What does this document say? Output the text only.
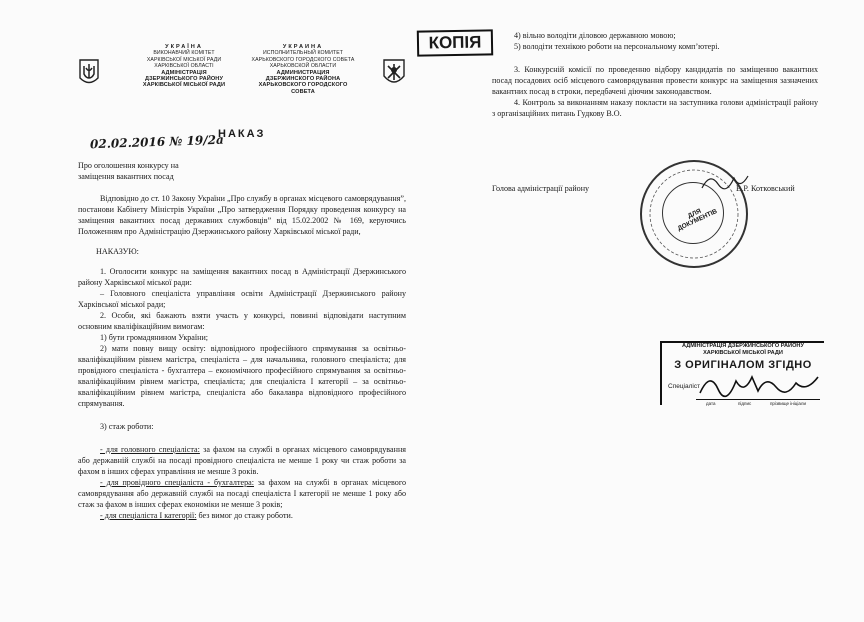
УКРАЇНА
ВИКОНАВЧИЙ КОМІТЕТ
ХАРКІВСЬКОЇ МІСЬКОЇ РАДИ
ХАРКІВСЬКОЇ ОБЛАСТІ
АДМІНІСТРАЦІЯ
ДЗЕРЖИНСЬКОГО РАЙОНУ
ХАРКІВСЬКОЇ МІСЬКОЇ РАДИ
УКРАИНА
ИСПОЛНИТЕЛЬНЫЙ КОМИТЕТ
ХАРЬКОВСКОГО ГОРОДСКОГО СОВЕТА
ХАРЬКОВСКОЙ ОБЛАСТИ
АДМИНИСТРАЦИЯ
ДЗЕРЖИНСКОГО РАЙОНА
ХАРЬКОВСКОГО ГОРОДСКОГО СОВЕТА
КОПІЯ
02.02.2016 № 19/2а
НАКАЗ
Про оголошення конкурсу на
заміщення вакантних посад
Відповідно до ст. 10 Закону України „Про службу в органах місцевого самоврядування”, постанови Кабінету Міністрів України „Про затвердження Порядку проведення конкурсу на заміщення вакантних посад державних службовців” від 15.02.2002 № 169, керуючись Положенням про Адміністрацію Дзержинського району Харківської міської ради,
НАКАЗУЮ:
1. Оголосити конкурс на заміщення вакантних посад в Адміністрації Дзержинського району Харківської міської ради:
– Головного спеціаліста управління освіти Адміністрації Дзержинського району Харківської міської ради;
2. Особи, які бажають взяти участь у конкурсі, повинні відповідати наступним основним кваліфікаційним вимогам:
1) бути громадянином України;
2) мати повну вищу освіту: відповідного професійного спрямування за освітньо-кваліфікаційним рівнем магістра, спеціаліста – для начальника, головного спеціаліста; для провідного спеціаліста - бухгалтера – економічного професійного спрямування за освітньо-кваліфікаційним рівнем магістра, спеціаліста; для спеціаліста І категорії – за освітньо-кваліфікаційним рівнем магістра, спеціаліста або бакалавра відповідного професійного спрямування.
3) стаж роботи:
- для головного спеціаліста: за фахом на службі в органах місцевого самоврядування або державній службі на посаді провідного спеціаліста не менше 1 року чи стаж роботи за фахом в інших сферах управління не менше 3 років.
- для провідного спеціаліста - бухгалтера: за фахом на службі в органах місцевого самоврядування або державній службі на посаді спеціаліста І категорії не менше 1 року або стаж за фахом в інших сферах економіки не менше 3 років;
- для спеціаліста І категорії: без вимог до стажу роботи.
4) вільно володіти діловою державною мовою;
5) володіти технікою роботи на персональному комп’ютері.
3. Конкурсній комісії по проведенню відбору кандидатів по заміщенню вакантних посад посадових осіб місцевого самоврядування провести конкурс на заміщення зазначених вакантних посад в строки, передбачені діючим законодавством.
4. Контроль за виконанням наказу покласти на заступника голови адміністрації району з організаційних питань Гудкову В.О.
Голова адміністрації району	В.Р. Котковський
ДЛЯ ДОКУМЕНТІВ
АДМІНІСТРАЦІЯ ДЗЕРЖИНСЬКОГО РАЙОНУ
ХАРКІВСЬКОЇ МІСЬКОЇ РАДИ
З ОРИГІНАЛОМ ЗГІДНО
Спеціаліст
дата	підпис	прізвище ініціали
